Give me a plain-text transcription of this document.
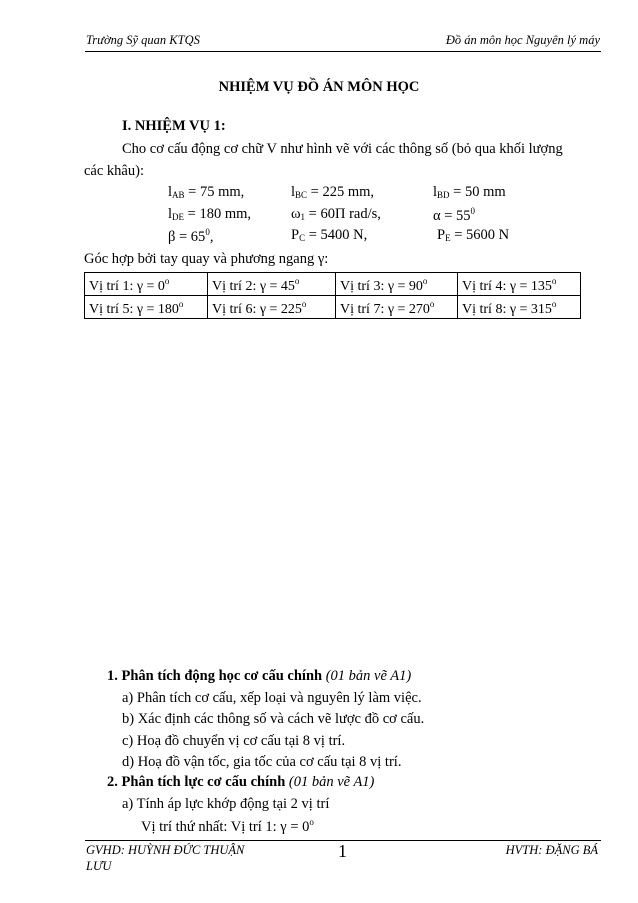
Trường Sỹ quan KTQS	Đồ án môn học Nguyên lý máy
NHIỆM VỤ ĐỒ ÁN MÔN HỌC
I. NHIỆM VỤ 1:
Cho cơ cấu động cơ chữ V như hình vẽ với các thông số (bỏ qua khối lượng
các khâu):
$l_{AB} = 75$ mm,	$l_{BC} = 225$ mm,	$l_{BD} = 50$ mm
$l_{DE} = 180$ mm,	$\omega_1 = 60\Pi$ rad/s,	$\alpha = 55^0$
$\beta = 65^0$,	$P_C = 5400$ N,	$P_E = 5600$ N
Góc hợp bởi tay quay và phương ngang γ:
Vị trí 1: $\gamma = 0^o$	Vị trí 2: $\gamma = 45^o$	Vị trí 3: $\gamma = 90^o$	Vị trí 4: $\gamma = 135^o$
Vị trí 5: $\gamma = 180^o$	Vị trí 6: $\gamma = 225^o$	Vị trí 7: $\gamma = 270^o$	Vị trí 8: $\gamma = 315^o$
1. Phân tích động học cơ cấu chính (01 bản vẽ A1)
a) Phân tích cơ cấu, xếp loại và nguyên lý làm việc.
b) Xác định các thông số và cách vẽ lược đồ cơ cấu.
c) Hoạ đồ chuyển vị cơ cấu tại 8 vị trí.
d) Hoạ đồ vận tốc, gia tốc của cơ cấu tại 8 vị trí.
2. Phân tích lực cơ cấu chính (01 bản vẽ A1)
a) Tính áp lực khớp động tại 2 vị trí
Vị trí thứ nhất: Vị trí 1: $\gamma = 0^o$
GVHD: HUỲNH ĐỨC THUẬN
LƯU
1	HVTH: ĐẶNG BÁ
